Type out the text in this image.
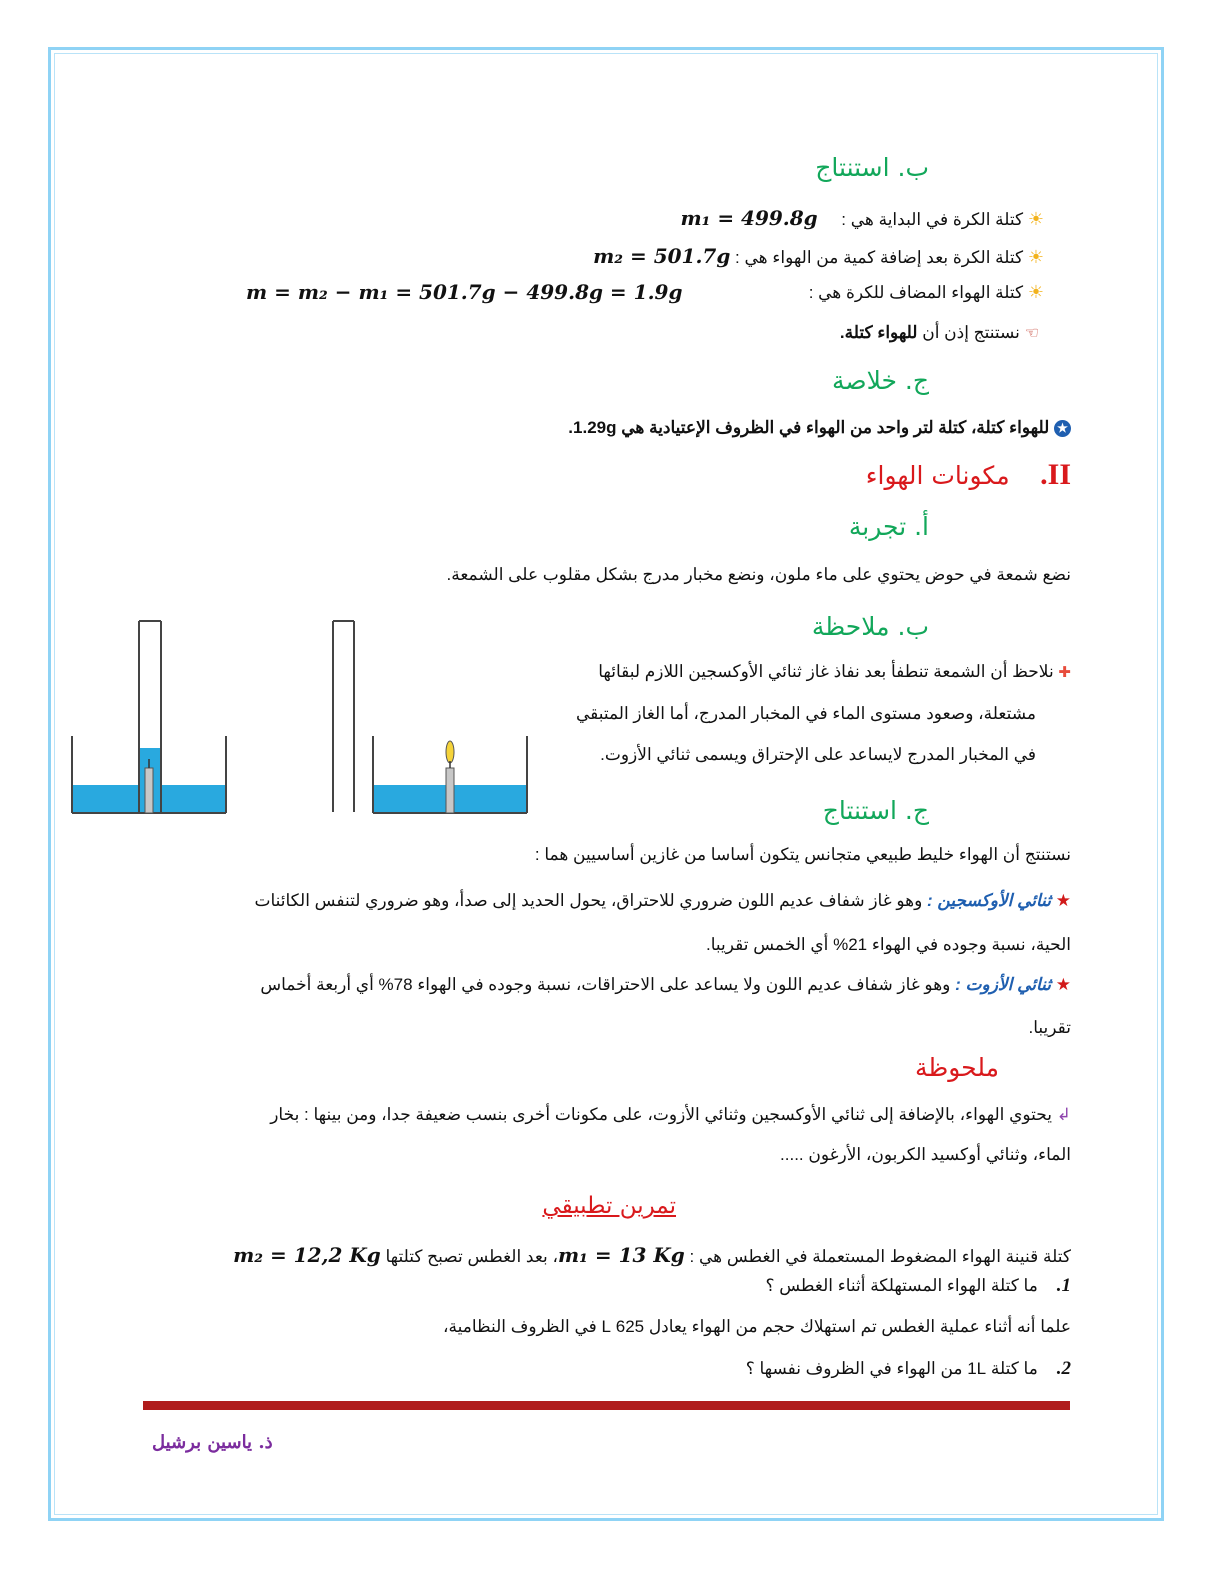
ب. استنتاج
☀ كتلة الكرة في البداية هي :     m₁ = 499.8g
☀ كتلة الكرة بعد إضافة كمية من الهواء هي : m₂ = 501.7g
☀ كتلة الهواء المضاف للكرة هي :
m = m₂ − m₁ = 501.7g − 499.8g = 1.9g
☜ نستنتج إذن أن للهواء كتلة.
ج. خلاصة
★ للهواء كتلة، كتلة لتر واحد من الهواء في الظروف الإعتيادية هي 1.29g.
II.      مكونات الهواء
أ. تجربة
نضع شمعة في حوض يحتوي على ماء ملون، ونضع مخبار مدرج بشكل مقلوب على الشمعة.
ب. ملاحظة
✚ نلاحظ أن الشمعة تنطفأ بعد نفاذ غاز ثنائي الأوكسجين اللازم لبقائها
مشتعلة، وصعود مستوى الماء في المخبار المدرج، أما الغاز المتبقي
في المخبار المدرج لايساعد على الإحتراق ويسمى ثنائي الأزوت.
ج. استنتاج
نستنتج أن الهواء خليط طبيعي متجانس يتكون أساسا من غازين أساسيين هما :
★ ثنائي الأوكسجين : وهو غاز شفاف عديم اللون ضروري للاحتراق، يحول الحديد إلى صدأ، وهو ضروري لتنفس الكائنات
الحية، نسبة وجوده في الهواء 21% أي الخمس تقريبا.
★ ثنائي الأزوت : وهو غاز شفاف عديم اللون ولا يساعد على الاحتراقات، نسبة وجوده في الهواء 78% أي أربعة أخماس
تقريبا.
ملحوظة
↲ يحتوي الهواء، بالإضافة إلى ثنائي الأوكسجين وثنائي الأزوت، على مكونات أخرى بنسب ضعيفة جدا، ومن بينها : بخار
الماء، وثنائي أوكسيد الكربون، الأرغون .....
تمرين تطبيقي
كتلة قنينة الهواء المضغوط المستعملة في الغطس هي : m₁ = 13 Kg، بعد الغطس تصبح كتلتها m₂ = 12,2 Kg
1.    ما كتلة الهواء المستهلكة أثناء الغطس ؟
علما أنه أثناء عملية الغطس تم استهلاك حجم من الهواء يعادل 625 L في الظروف النظامية،
2.    ما كتلة 1L من الهواء في الظروف نفسها ؟
ذ. ياسين برشيل
